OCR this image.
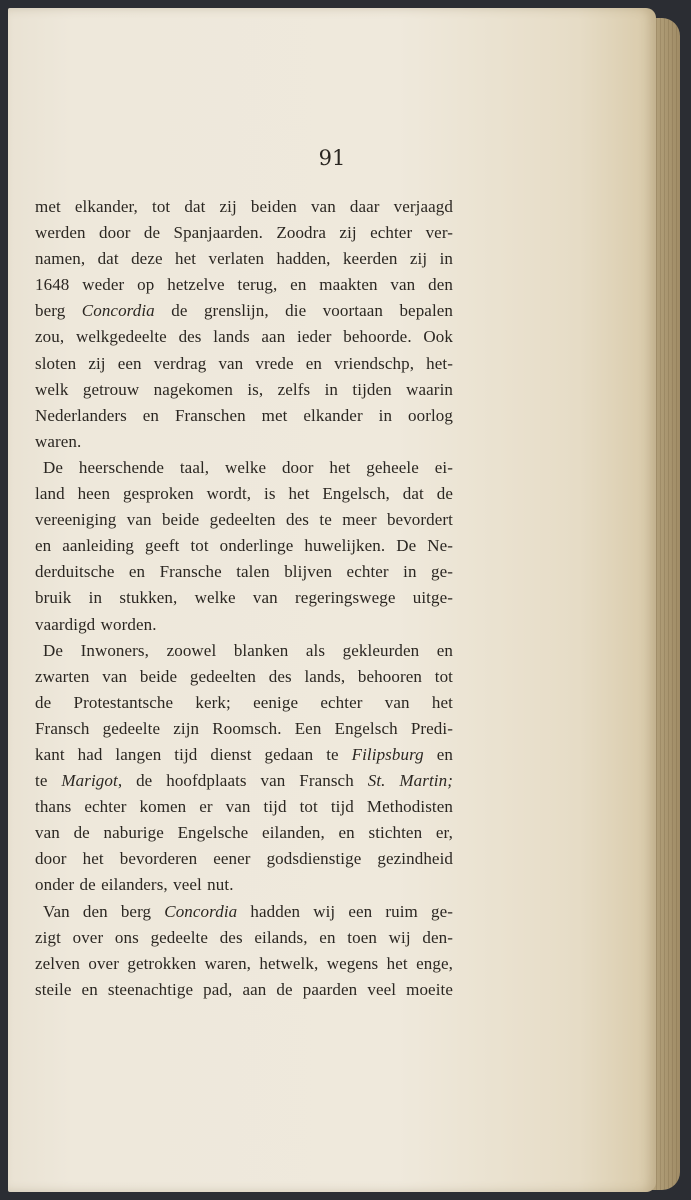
91

met elkander, tot dat zij beiden van daar verjaagd
werden door de Spanjaarden. Zoodra zij echter ver-
namen, dat deze het verlaten hadden, keerden zij in
1648 weder op hetzelve terug, en maakten van den
berg Concordia de grenslijn, die voortaan bepalen
zou, welkgedeelte des lands aan ieder behoorde. Ook
sloten zij een verdrag van vrede en vriendschp, het-
welk getrouw nagekomen is, zelfs in tijden waarin
Nederlanders en Franschen met elkander in oorlog
waren.
De heerschende taal, welke door het geheele ei-
land heen gesproken wordt, is het Engelsch, dat de
vereeniging van beide gedeelten des te meer bevordert
en aanleiding geeft tot onderlinge huwelijken. De Ne-
derduitsche en Fransche talen blijven echter in ge-
bruik in stukken, welke van regeringswege uitge-
vaardigd worden.
De Inwoners, zoowel blanken als gekleurden en
zwarten van beide gedeelten des lands, behooren tot
de Protestantsche kerk; eenige echter van het
Fransch gedeelte zijn Roomsch. Een Engelsch Predi-
kant had langen tijd dienst gedaan te Filipsburg en
te Marigot, de hoofdplaats van Fransch St. Martin;
thans echter komen er van tijd tot tijd Methodisten
van de naburige Engelsche eilanden, en stichten er,
door het bevorderen eener godsdienstige gezindheid
onder de eilanders, veel nut.
Van den berg Concordia hadden wij een ruim ge-
zigt over ons gedeelte des eilands, en toen wij den-
zelven over getrokken waren, hetwelk, wegens het enge,
steile en steenachtige pad, aan de paarden veel moeite
